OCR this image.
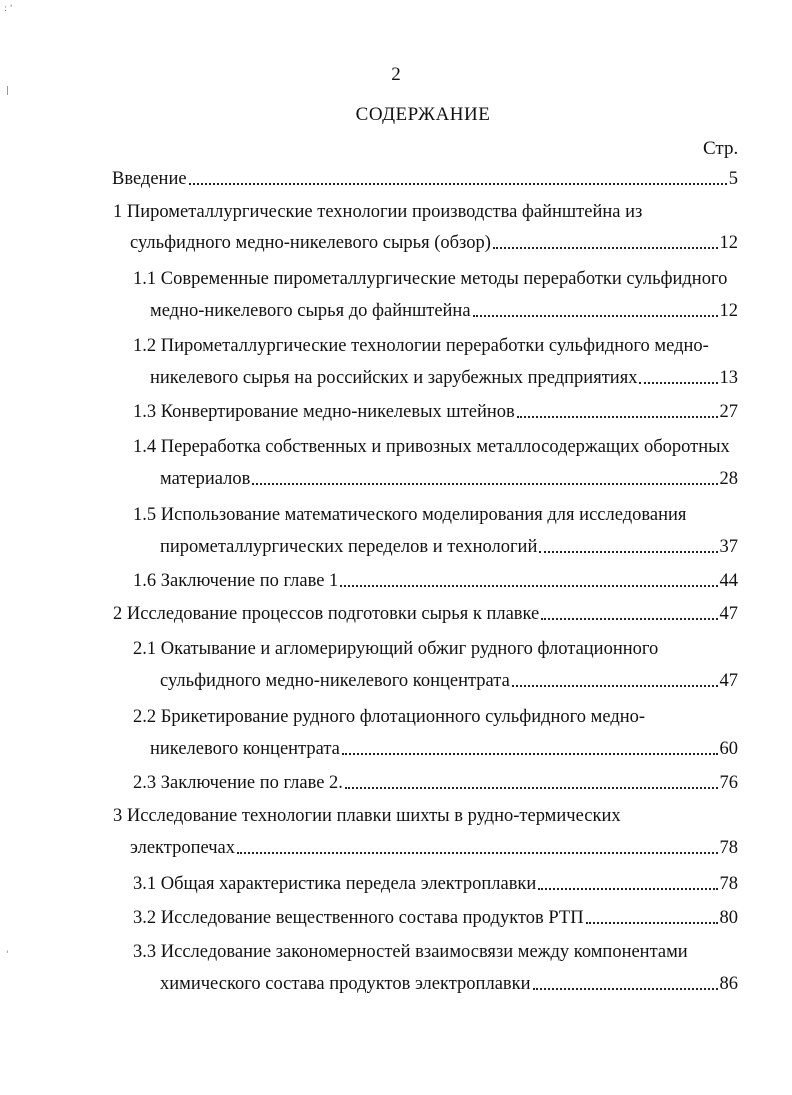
2
СОДЕРЖАНИЕ
Стр.
: '
|
'
Введение	5
1 Пирометаллургические технологии производства файнштейна из
сульфидного медно-никелевого сырья (обзор)	12
1.1 Современные пирометаллургические методы переработки сульфидного
медно-никелевого сырья до файнштейна	12
1.2 Пирометаллургические технологии переработки сульфидного медно-
никелевого сырья на российских и зарубежных предприятиях	13
1.3 Конвертирование медно-никелевых штейнов	27
1.4 Переработка собственных и привозных металлосодержащих оборотных
материалов	28
1.5 Использование математического моделирования для исследования
пирометаллургических переделов и технологий	37
1.6 Заключение по главе 1	44
2 Исследование процессов подготовки сырья к плавке	47
2.1 Окатывание и агломерирующий обжиг рудного флотационного
сульфидного медно-никелевого концентрата	47
2.2 Брикетирование рудного флотационного сульфидного медно-
никелевого концентрата	60
2.3 Заключение по главе 2.	76
3 Исследование технологии плавки шихты в рудно-термических
электропечах	78
3.1 Общая характеристика передела электроплавки	78
3.2 Исследование вещественного состава продуктов РТП	80
3.3 Исследование закономерностей взаимосвязи между компонентами
химического состава продуктов электроплавки	86
